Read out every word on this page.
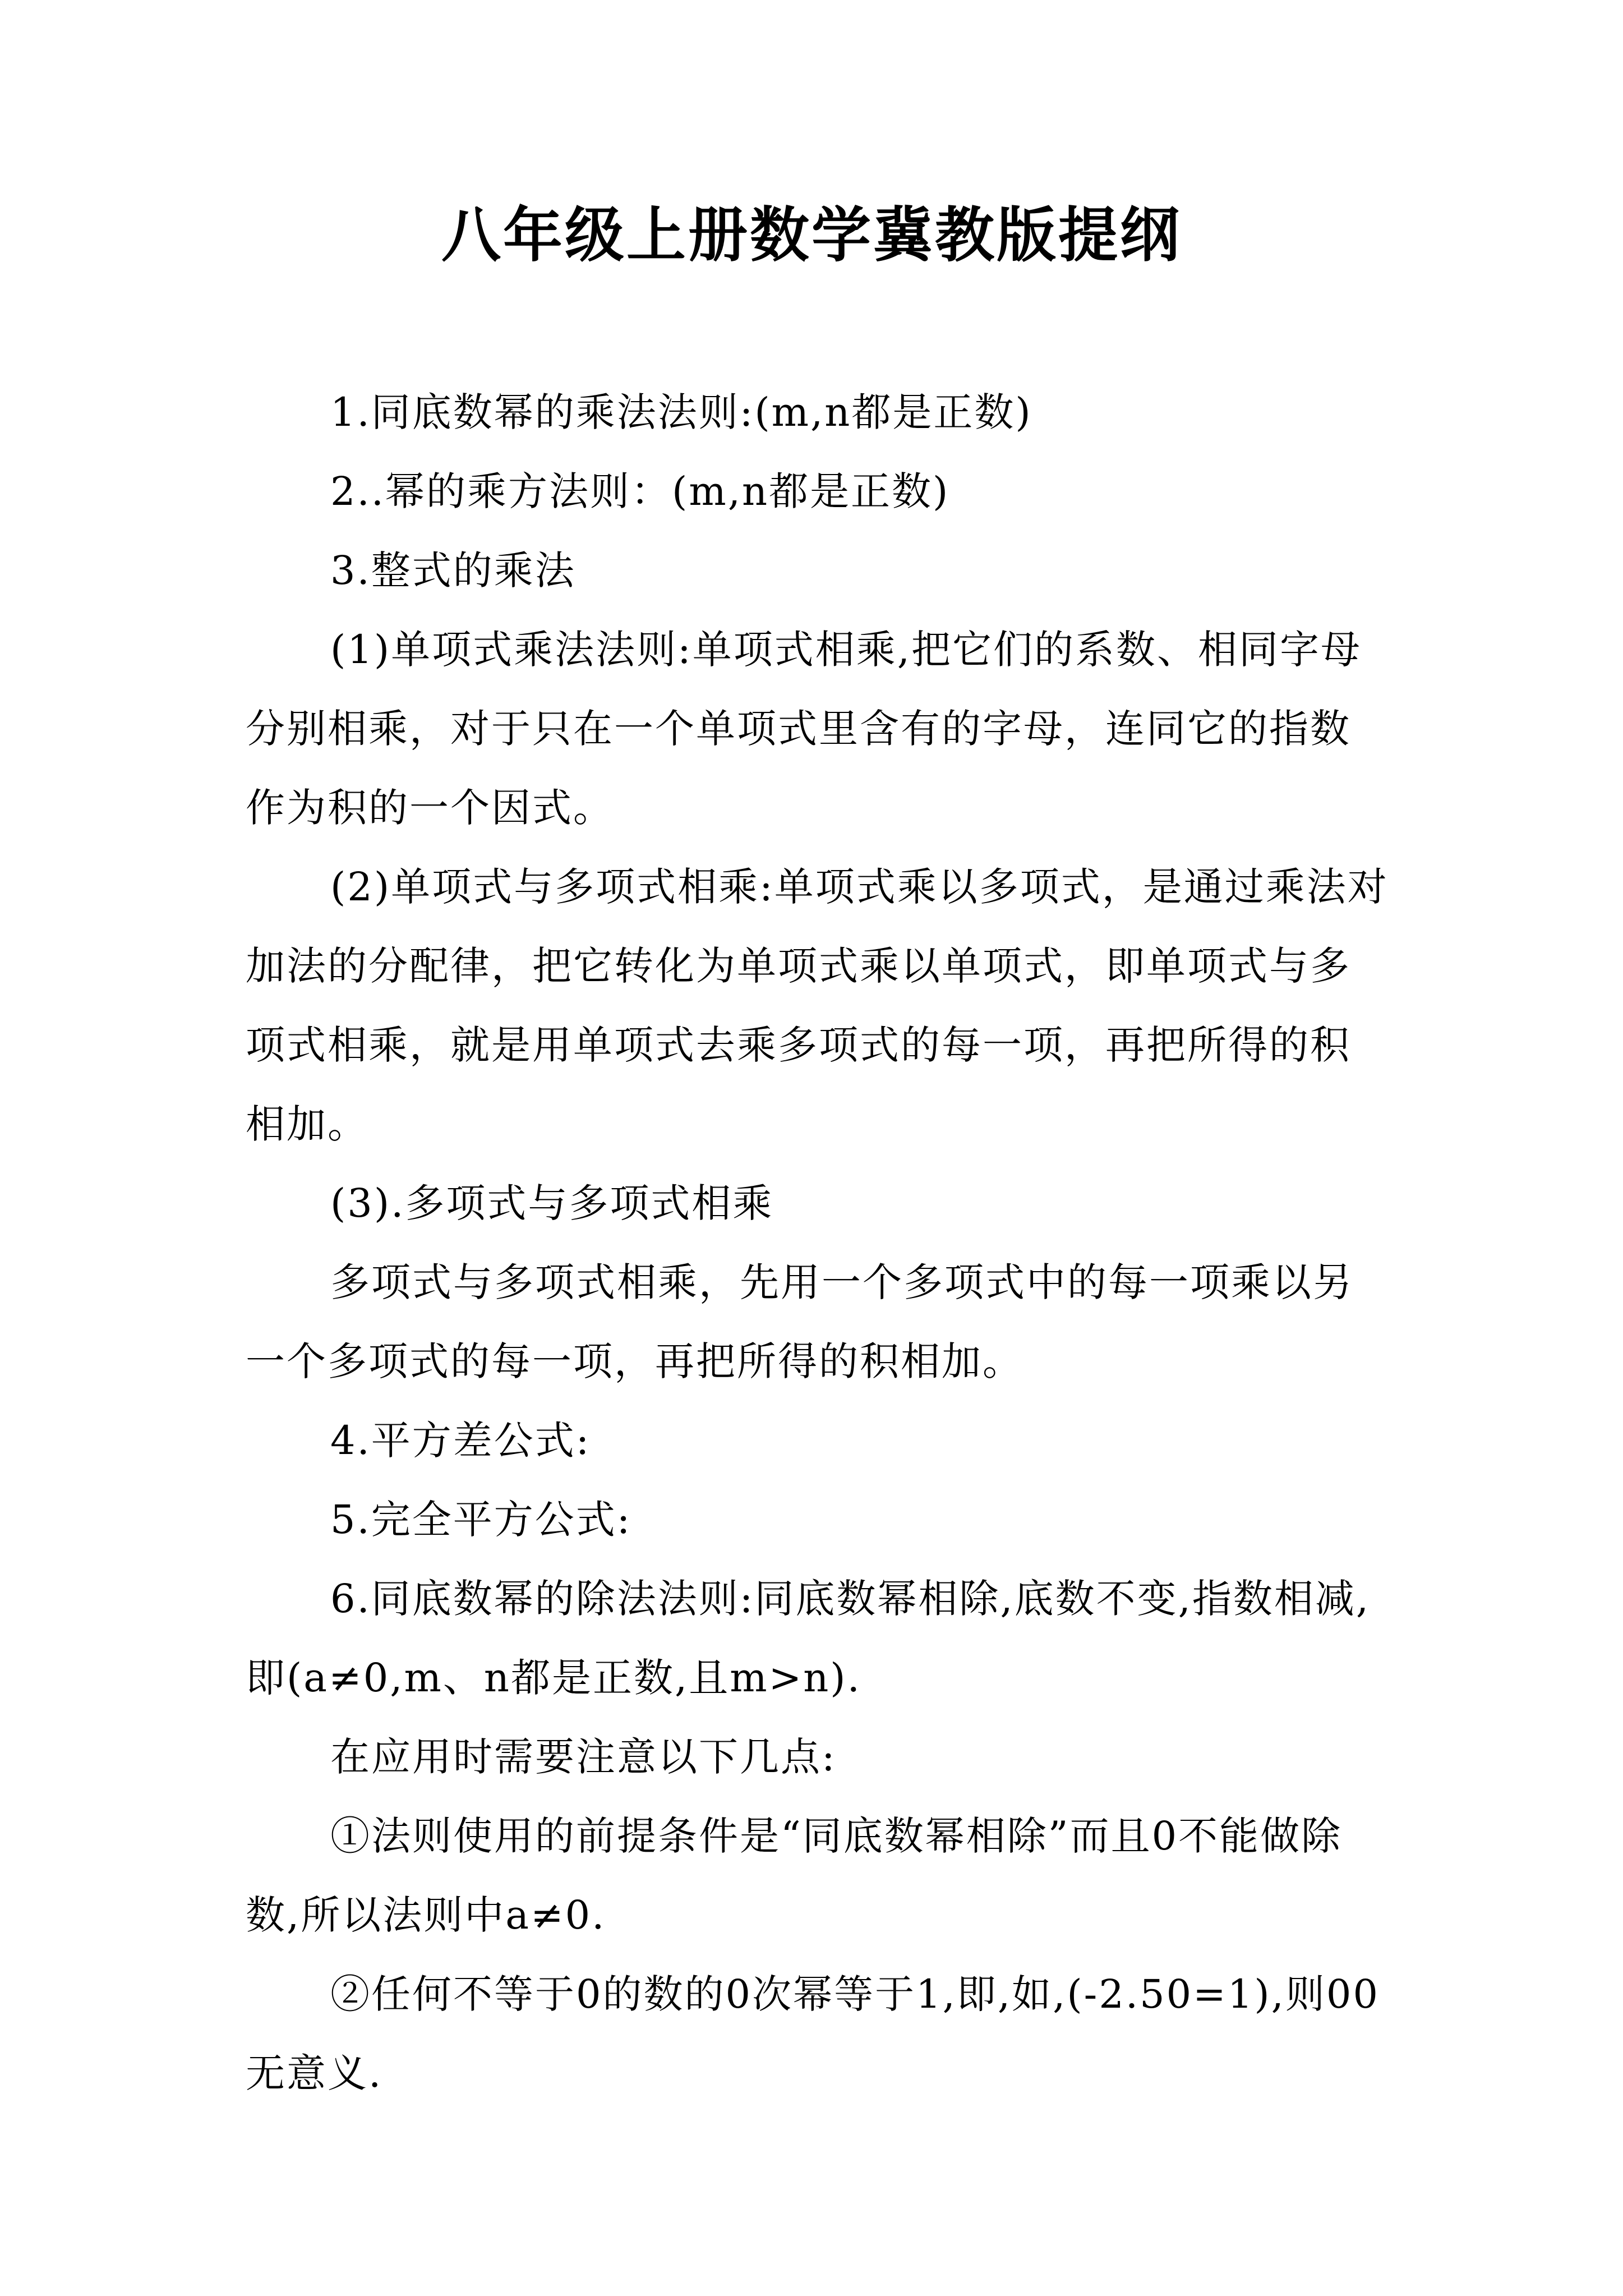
八年级上册数学冀教版提纲

1.同底数幂的乘法法则:(m,n都是正数)

2..幂的乘方法则：(m,n都是正数)

3.整式的乘法

(1)单项式乘法法则:单项式相乘,把它们的系数、相同字母分别相乘，对于只在一个单项式里含有的字母，连同它的指数作为积的一个因式。

(2)单项式与多项式相乘:单项式乘以多项式，是通过乘法对加法的分配律，把它转化为单项式乘以单项式，即单项式与多项式相乘，就是用单项式去乘多项式的每一项，再把所得的积相加。

(3).多项式与多项式相乘

多项式与多项式相乘，先用一个多项式中的每一项乘以另一个多项式的每一项，再把所得的积相加。

4.平方差公式:

5.完全平方公式:

6.同底数幂的除法法则:同底数幂相除,底数不变,指数相减,即(a≠0,m、n都是正数,且m>n).

在应用时需要注意以下几点:

①法则使用的前提条件是“同底数幂相除”而且0不能做除数,所以法则中a≠0.

②任何不等于0的数的0次幂等于1,即,如,(-2.50=1),则00无意义.
